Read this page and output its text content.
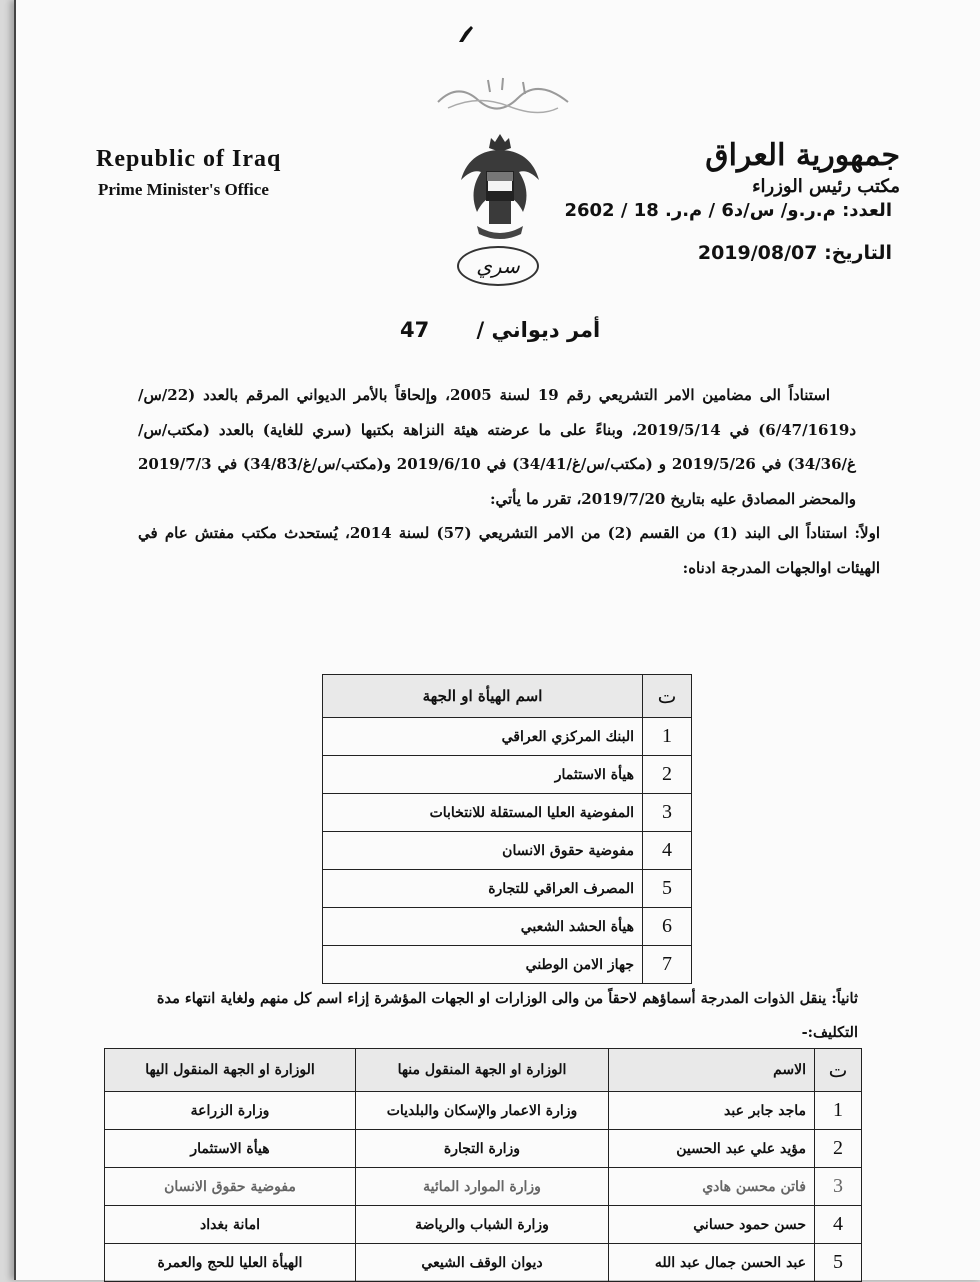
Republic of Iraq
Prime Minister's Office
سري
جمهورية العراق
مكتب رئيس الوزراء
العدد: م.ر.و/ س/د6 / م.ر. 18 / 2602
التاريخ: 2019/08/07
أمر ديواني / 47

استناداً الى مضامين الامر التشريعي رقم 19 لسنة 2005، وإلحاقاً بالأمر الديواني المرقم بالعدد (22/س/د6/47/1619) في 2019/5/14، وبناءً على ما عرضته هيئة النزاهة بكتبها (سري للغاية) بالعدد (مكتب/س/غ/34/36) في 2019/5/26 و (مكتب/س/غ/34/41) في 2019/6/10 و(مكتب/س/غ/34/83) في 2019/7/3 والمحضر المصادق عليه بتاريخ 2019/7/20، تقرر ما يأتي:

اولاً: استناداً الى البند (1) من القسم (2) من الامر التشريعي (57) لسنة 2014، يُستحدث مكتب مفتش عام في الهيئات اوالجهات المدرجة ادناه:

ت	اسم الهيأة او الجهة
1	البنك المركزي العراقي
2	هيأة الاستثمار
3	المفوضية العليا المستقلة للانتخابات
4	مفوضية حقوق الانسان
5	المصرف العراقي للتجارة
6	هيأة الحشد الشعبي
7	جهاز الامن الوطني

ثانياً: ينقل الذوات المدرجة أسماؤهم لاحقاً من والى الوزارات او الجهات المؤشرة إزاء اسم كل منهم ولغاية انتهاء مدة التكليف:-

ت	الاسم	الوزارة او الجهة المنقول منها	الوزارة او الجهة المنقول اليها
1	ماجد جابر عبد	وزارة الاعمار والإسكان والبلديات	وزارة الزراعة
2	مؤيد علي عبد الحسين	وزارة التجارة	هيأة الاستثمار
3	فاتن محسن هادي	وزارة الموارد المائية	مفوضية حقوق الانسان
4	حسن حمود حساني	وزارة الشباب والرياضة	امانة بغداد
5	عبد الحسن جمال عبد الله	ديوان الوقف الشيعي	الهيأة العليا للحج والعمرة
